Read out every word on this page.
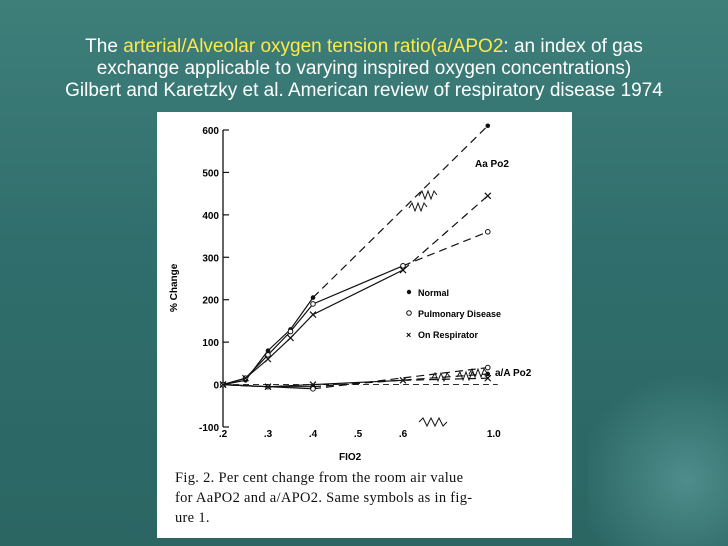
The arterial/Alveolar oxygen tension ratio(a/APO2: an index of gas
exchange applicable to varying inspired oxygen concentrations)
Gilbert and Karetzky et al. American review of respiratory disease 1974
600
500
400
300
200
100
0
-100
.2	.3	.4	.5	.6	1.0
% Change
FIO2
Aa Po2
a/A Po2
Normal
Pulmonary Disease
× On Respirator
Fig. 2. Per cent change from the room air value
for AaPO2 and a/APO2. Same symbols as in fig-
ure 1.
